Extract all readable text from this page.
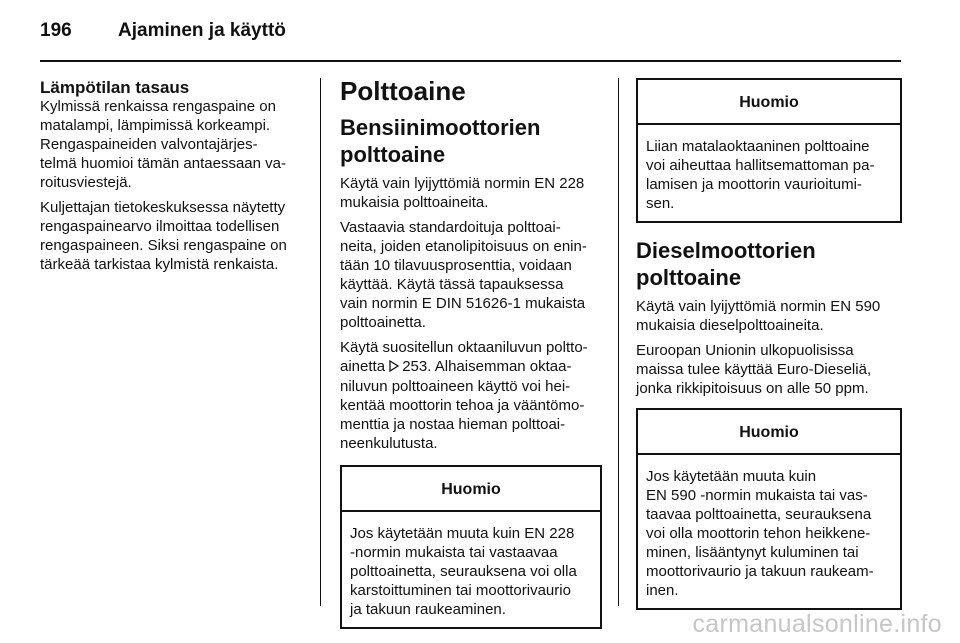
196	Ajaminen ja käyttö
Lämpötilan tasaus

Kylmissä renkaissa rengaspaine on
matalampi, lämpimissä korkeampi.
Rengaspaineiden valvontajärjes-
telmä huomioi tämän antaessaan va-
roitusviestejä.

Kuljettajan tietokeskuksessa näytetty
rengaspainearvo ilmoittaa todellisen
rengaspaineen. Siksi rengaspaine on
tärkeää tarkistaa kylmistä renkaista.

Polttoaine
Bensiinimoottorien
polttoaine

Käytä vain lyijyttömiä normin EN 228
mukaisia polttoaineita.

Vastaavia standardoituja polttoai-
neita, joiden etanolipitoisuus on enin-
tään 10 tilavuusprosenttia, voidaan
käyttää. Käytä tässä tapauksessa
vain normin E DIN 51626-1 mukaista
polttoainetta.

Käytä suositellun oktaaniluvun poltto-
ainetta 253. Alhaisemman oktaa-
niluvun polttoaineen käyttö voi hei-
kentää moottorin tehoa ja vääntömo-
menttia ja nostaa hieman polttoai-
neenkulutusta.

Huomio
Jos käytetään muuta kuin EN 228
-normin mukaista tai vastaavaa
polttoainetta, seurauksena voi olla
karstoittuminen tai moottorivaurio
ja takuun raukeaminen.
Huomio
Liian matalaoktaaninen polttoaine
voi aiheuttaa hallitsemattoman pa-
lamisen ja moottorin vaurioitumi-
sen.
Dieselmoottorien
polttoaine

Käytä vain lyijyttömiä normin EN 590
mukaisia dieselpolttoaineita.

Euroopan Unionin ulkopuolisissa
maissa tulee käyttää Euro-Dieseliä,
jonka rikkipitoisuus on alle 50 ppm.

Huomio
Jos käytetään muuta kuin
EN 590 -normin mukaista tai vas-
taavaa polttoainetta, seurauksena
voi olla moottorin tehon heikkene-
minen, lisääntynyt kuluminen tai
moottorivaurio ja takuun raukeam-
inen.
carmanualsonline.info
